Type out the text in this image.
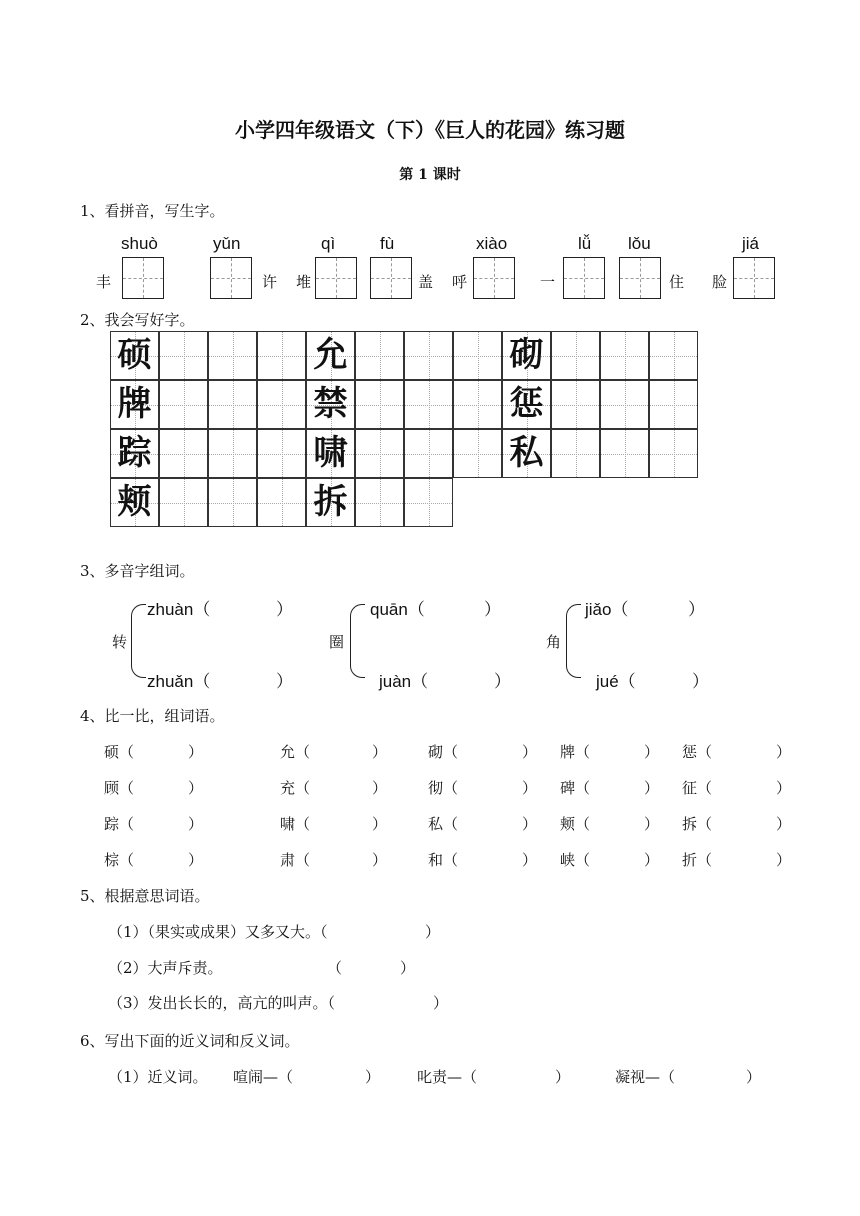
小学四年级语文（下）《巨人的花园》练习题
第 1 课时
1、看拼音，写生字。
shuò	yǔn	qì	fù	xiào	lǚ lǒu	jiá
丰	许 堆	盖 呼	一	住 脸
2、我会写好字。
硕	允	砌
牌	禁	惩
踪	啸	私
颊	拆
3、多音字组词。
转
zhuàn（	）
zhuǎn（	）
圈
quān（	）
juàn（	）
角
jiǎo（	）
jué（	）
4、比一比，组词语。
硕（	）	允（	）	砌（	） 牌（	） 惩（	）
顾（	）	充（	）	彻（	） 碑（	） 征（	）
踪（	）	啸（	）	私（	） 颊（	） 拆（	）
棕（	）	肃（	）	和（	） 峡（	） 折（	）
5、根据意思词语。
（1）（果实或成果）又多又大。（	）
（2）大声斥责。	（	）
（3）发出长长的，高亢的叫声。（	）
6、写出下面的近义词和反义词。
（1）近义词。 喧闹—（	） 叱责—（	）	凝视—（	）
